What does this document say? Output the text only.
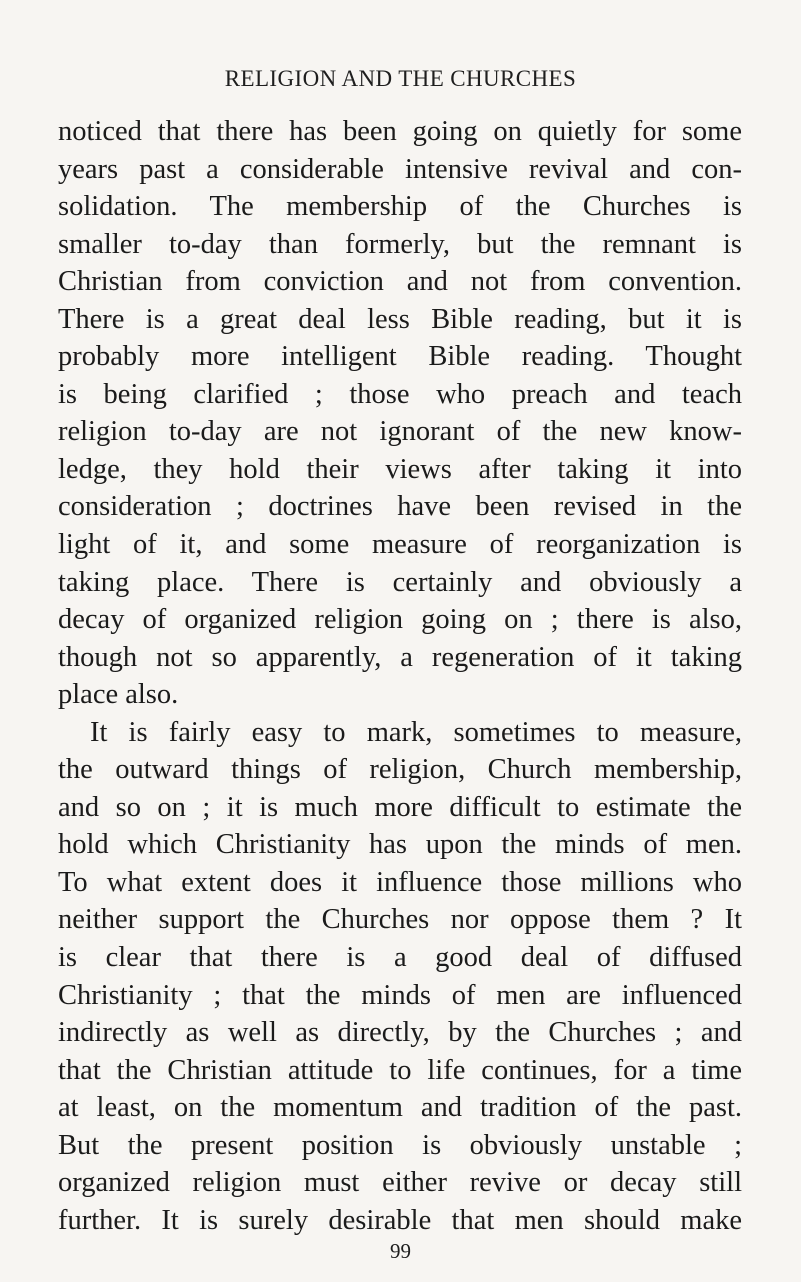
RELIGION AND THE CHURCHES
noticed that there has been going on quietly for some
years past a considerable intensive revival and con-
solidation. The membership of the Churches is
smaller to-day than formerly, but the remnant is
Christian from conviction and not from convention.
There is a great deal less Bible reading, but it is
probably more intelligent Bible reading. Thought
is being clarified ; those who preach and teach
religion to-day are not ignorant of the new know-
ledge, they hold their views after taking it into
consideration ; doctrines have been revised in the
light of it, and some measure of reorganization is
taking place. There is certainly and obviously a
decay of organized religion going on ; there is also,
though not so apparently, a regeneration of it taking
place also.
It is fairly easy to mark, sometimes to measure,
the outward things of religion, Church membership,
and so on ; it is much more difficult to estimate the
hold which Christianity has upon the minds of men.
To what extent does it influence those millions who
neither support the Churches nor oppose them ? It
is clear that there is a good deal of diffused
Christianity ; that the minds of men are influenced
indirectly as well as directly, by the Churches ; and
that the Christian attitude to life continues, for a time
at least, on the momentum and tradition of the past.
But the present position is obviously unstable ;
organized religion must either revive or decay still
further. It is surely desirable that men should make
99
